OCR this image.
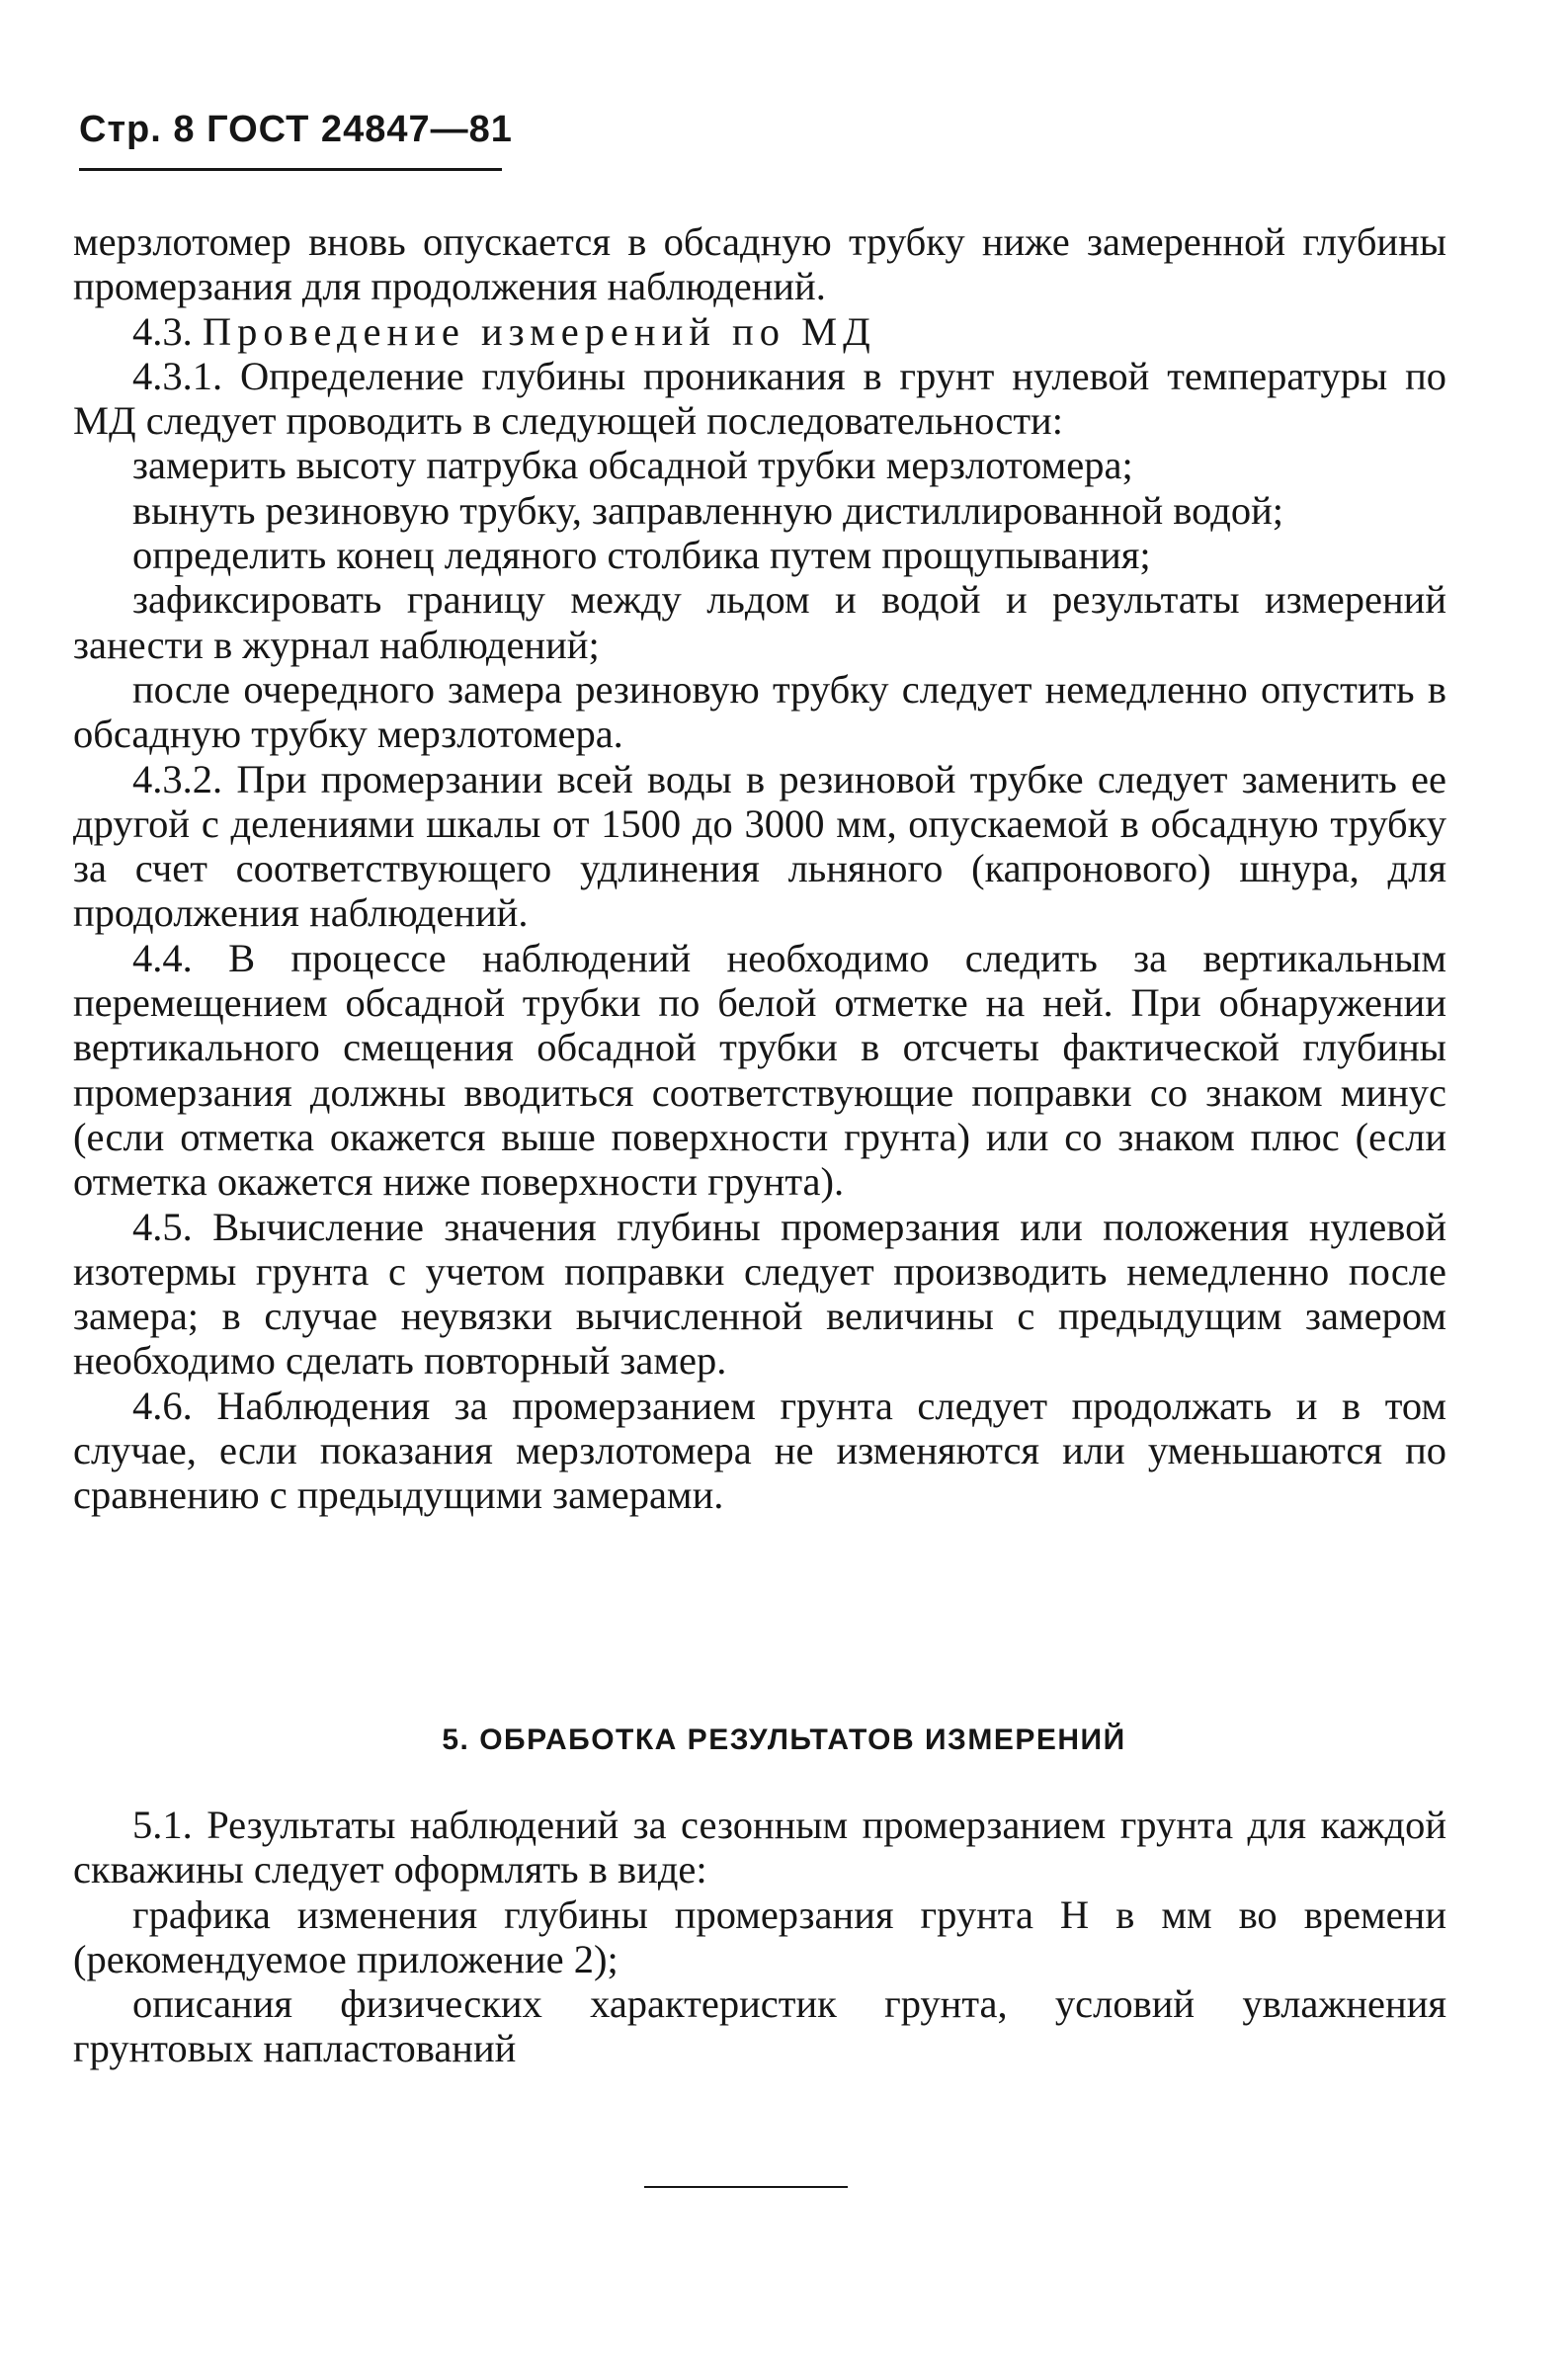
Стр. 8 ГОСТ 24847—81

мерзлотомер вновь опускается в обсадную трубку ниже замеренной глубины промерзания для продолжения наблюдений.

4.3. Проведение измерений по МД

4.3.1. Определение глубины проникания в грунт нулевой температуры по МД следует проводить в следующей последовательности:

замерить высоту патрубка обсадной трубки мерзлотомера;

вынуть резиновую трубку, заправленную дистиллированной водой;

определить конец ледяного столбика путем прощупывания;

зафиксировать границу между льдом и водой и результаты измерений занести в журнал наблюдений;

после очередного замера резиновую трубку следует немедленно опустить в обсадную трубку мерзлотомера.

4.3.2. При промерзании всей воды в резиновой трубке следует заменить ее другой с делениями шкалы от 1500 до 3000 мм, опускаемой в обсадную трубку за счет соответствующего удлинения льняного (капронового) шнура, для продолжения наблюдений.

4.4. В процессе наблюдений необходимо следить за вертикальным перемещением обсадной трубки по белой отметке на ней. При обнаружении вертикального смещения обсадной трубки в отсчеты фактической глубины промерзания должны вводиться соответствующие поправки со знаком минус (если отметка окажется выше поверхности грунта) или со знаком плюс (если отметка окажется ниже поверхности грунта).

4.5. Вычисление значения глубины промерзания или положения нулевой изотермы грунта с учетом поправки следует производить немедленно после замера; в случае неувязки вычисленной величины с предыдущим замером необходимо сделать повторный замер.

4.6. Наблюдения за промерзанием грунта следует продолжать и в том случае, если показания мерзлотомера не изменяются или уменьшаются по сравнению с предыдущими замерами.

5. ОБРАБОТКА РЕЗУЛЬТАТОВ ИЗМЕРЕНИЙ

5.1. Результаты наблюдений за сезонным промерзанием грунта для каждой скважины следует оформлять в виде:

графика изменения глубины промерзания грунта Н в мм во времени (рекомендуемое приложение 2);

описания физических характеристик грунта, условий увлажнения грунтовых напластований
